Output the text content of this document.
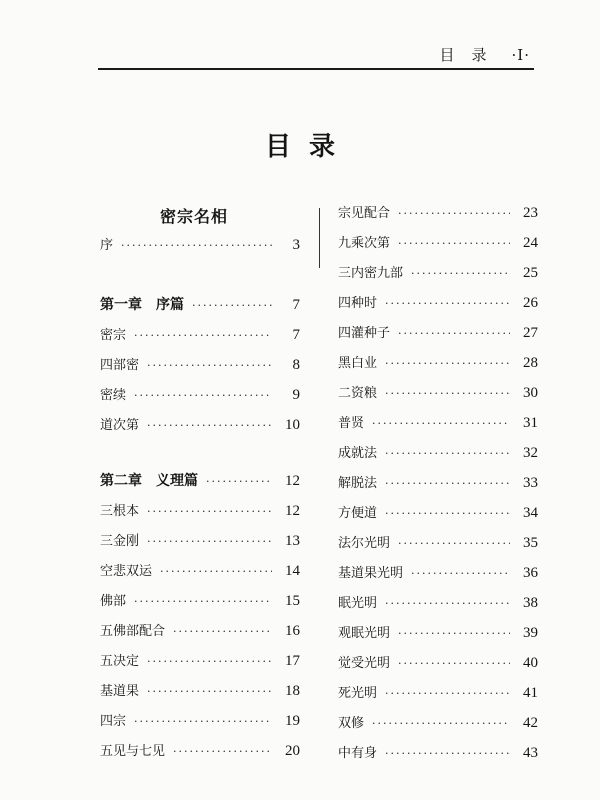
目　录 ·I·
目录
密宗名相
序 ·····	3
第一章　序篇 ·····	7
密宗 ·····	7
四部密 ·····	8
密续 ·····	9
道次第 ·····	10
第二章　义理篇 ·····	12
三根本 ·····	12
三金刚 ·····	13
空悲双运 ·····	14
佛部 ·····	15
五佛部配合 ·····	16
五决定 ·····	17
基道果 ·····	18
四宗 ·····	19
五见与七见 ·····	20
宗见配合 ·····	23
九乘次第 ·····	24
三内密九部 ·····	25
四种时 ·····	26
四灌种子 ·····	27
黑白业 ·····	28
二资粮 ·····	30
普贤 ·····	31
成就法 ·····	32
解脱法 ·····	33
方便道 ·····	34
法尔光明 ·····	35
基道果光明 ·····	36
眠光明 ·····	38
观眠光明 ·····	39
觉受光明 ·····	40
死光明 ·····	41
双修 ·····	42
中有身 ·····	43
